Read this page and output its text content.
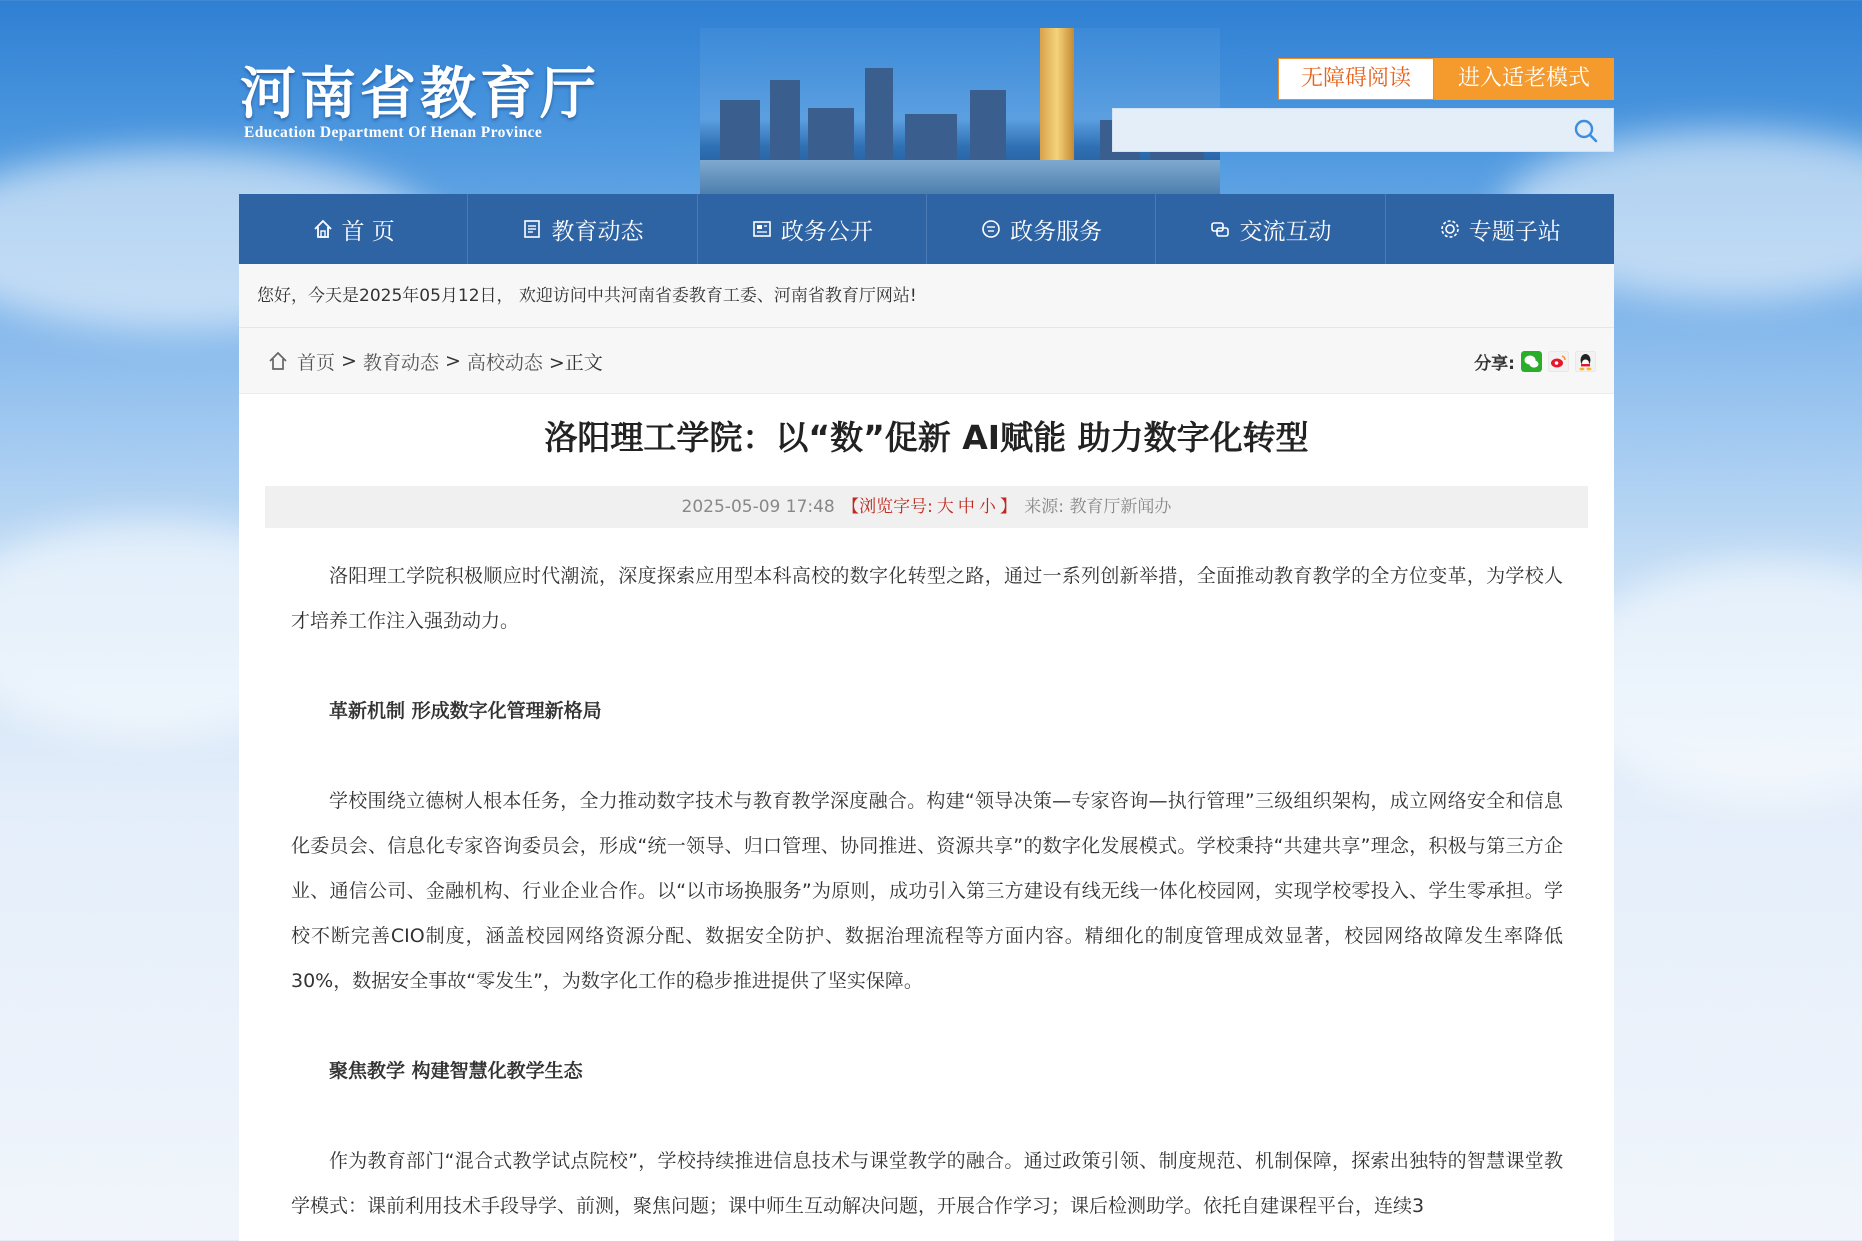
河南省教育厅
Education Department Of Henan Province
无障碍阅读	进入适老模式
首 页	教育动态	政务公开	政务服务	交流互动	专题子站
您好，今天是2025年05月12日， 欢迎访问中共河南省委教育工委、河南省教育厅网站!
首页 > 教育动态 > 高校动态 >正文	分享:
洛阳理工学院：以“数”促新 AI赋能 助力数字化转型
2025-05-09 17:48 【浏览字号: 大 中 小 】 来源: 教育厅新闻办

洛阳理工学院积极顺应时代潮流，深度探索应用型本科高校的数字化转型之路，通过一系列创新举措，全面推动教育教学的全方位变革，为学校人才培养工作注入强劲动力。

革新机制 形成数字化管理新格局

学校围绕立德树人根本任务，全力推动数字技术与教育教学深度融合。构建“领导决策—专家咨询—执行管理”三级组织架构，成立网络安全和信息化委员会、信息化专家咨询委员会，形成“统一领导、归口管理、协同推进、资源共享”的数字化发展模式。学校秉持“共建共享”理念，积极与第三方企业、通信公司、金融机构、行业企业合作。以“以市场换服务”为原则，成功引入第三方建设有线无线一体化校园网，实现学校零投入、学生零承担。学校不断完善CIO制度，涵盖校园网络资源分配、数据安全防护、数据治理流程等方面内容。精细化的制度管理成效显著，校园网络故障发生率降低30%，数据安全事故“零发生”，为数字化工作的稳步推进提供了坚实保障。

聚焦教学 构建智慧化教学生态

作为教育部门“混合式教学试点院校”，学校持续推进信息技术与课堂教学的融合。通过政策引领、制度规范、机制保障，探索出独特的智慧课堂教学模式：课前利用技术手段导学、前测，聚焦问题；课中师生互动解决问题，开展合作学习；课后检测助学。依托自建课程平台，连续3
